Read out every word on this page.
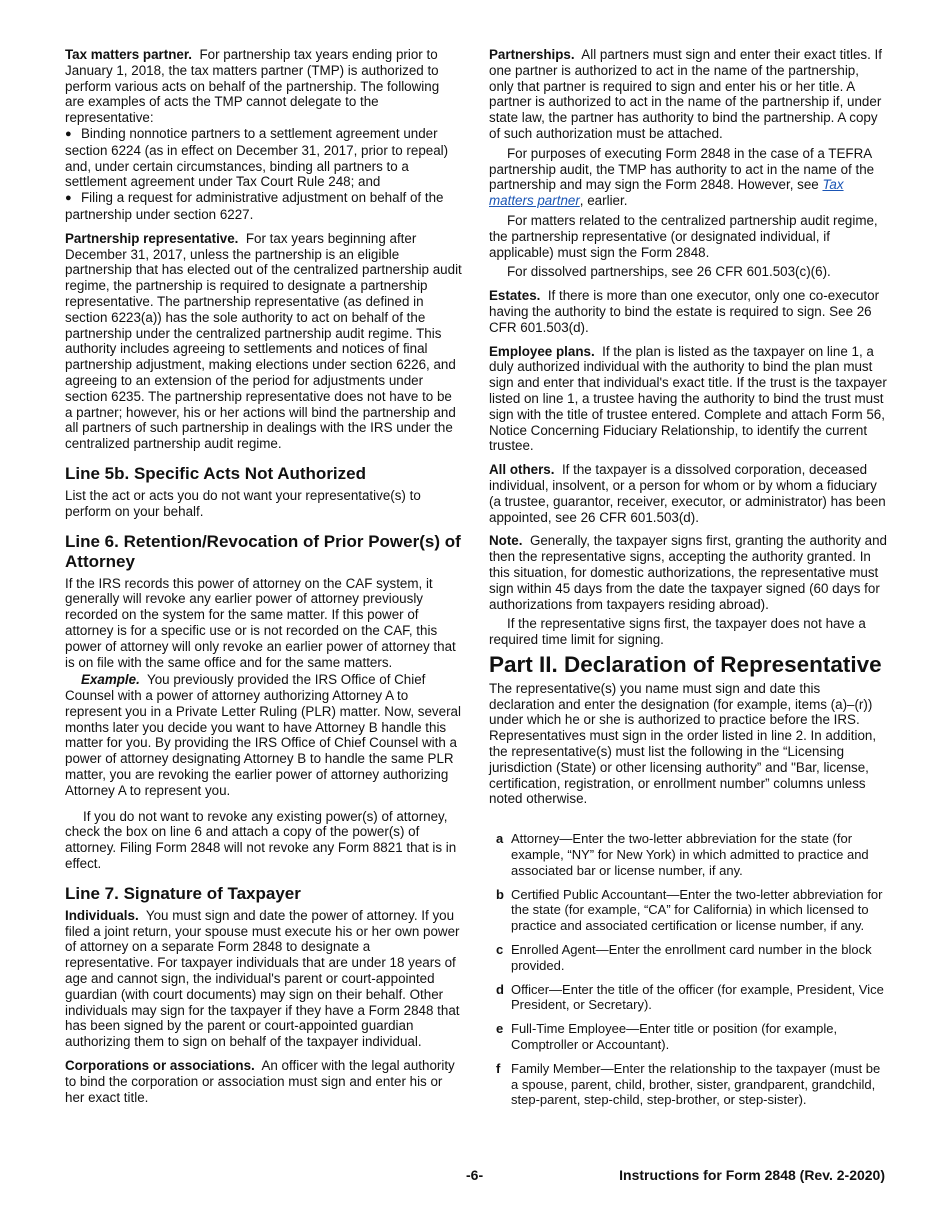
Tax matters partner. For partnership tax years ending prior to January 1, 2018, the tax matters partner (TMP) is authorized to perform various acts on behalf of the partnership. The following are examples of acts the TMP cannot delegate to the representative:

● Binding nonnotice partners to a settlement agreement under section 6224 (as in effect on December 31, 2017, prior to repeal) and, under certain circumstances, binding all partners to a settlement agreement under Tax Court Rule 248; and
● Filing a request for administrative adjustment on behalf of the partnership under section 6227.

Partnership representative. For tax years beginning after December 31, 2017, unless the partnership is an eligible partnership that has elected out of the centralized partnership audit regime, the partnership is required to designate a partnership representative. The partnership representative (as defined in section 6223(a)) has the sole authority to act on behalf of the partnership under the centralized partnership audit regime. This authority includes agreeing to settlements and notices of final partnership adjustment, making elections under section 6226, and agreeing to an extension of the period for adjustments under section 6235. The partnership representative does not have to be a partner; however, his or her actions will bind the partnership and all partners of such partnership in dealings with the IRS under the centralized partnership audit regime.

Line 5b. Specific Acts Not Authorized

List the act or acts you do not want your representative(s) to perform on your behalf.

Line 6. Retention/Revocation of Prior Power(s) of Attorney

If the IRS records this power of attorney on the CAF system, it generally will revoke any earlier power of attorney previously recorded on the system for the same matter. If this power of attorney is for a specific use or is not recorded on the CAF, this power of attorney will only revoke an earlier power of attorney that is on file with the same office and for the same matters.

Example. You previously provided the IRS Office of Chief Counsel with a power of attorney authorizing Attorney A to represent you in a Private Letter Ruling (PLR) matter. Now, several months later you decide you want to have Attorney B handle this matter for you. By providing the IRS Office of Chief Counsel with a power of attorney designating Attorney B to handle the same PLR matter, you are revoking the earlier power of attorney authorizing Attorney A to represent you.

If you do not want to revoke any existing power(s) of attorney, check the box on line 6 and attach a copy of the power(s) of attorney. Filing Form 2848 will not revoke any Form 8821 that is in effect.

Line 7. Signature of Taxpayer

Individuals. You must sign and date the power of attorney. If you filed a joint return, your spouse must execute his or her own power of attorney on a separate Form 2848 to designate a representative. For taxpayer individuals that are under 18 years of age and cannot sign, the individual's parent or court-appointed guardian (with court documents) may sign on their behalf. Other individuals may sign for the taxpayer if they have a Form 2848 that has been signed by the parent or court-appointed guardian authorizing them to sign on behalf of the taxpayer individual.

Corporations or associations. An officer with the legal authority to bind the corporation or association must sign and enter his or her exact title.

Partnerships. All partners must sign and enter their exact titles. If one partner is authorized to act in the name of the partnership, only that partner is required to sign and enter his or her title. A partner is authorized to act in the name of the partnership if, under state law, the partner has authority to bind the partnership. A copy of such authorization must be attached.

For purposes of executing Form 2848 in the case of a TEFRA partnership audit, the TMP has authority to act in the name of the partnership and may sign the Form 2848. However, see Tax matters partner, earlier.

For matters related to the centralized partnership audit regime, the partnership representative (or designated individual, if applicable) must sign the Form 2848.

For dissolved partnerships, see 26 CFR 601.503(c)(6).

Estates. If there is more than one executor, only one co-executor having the authority to bind the estate is required to sign. See 26 CFR 601.503(d).

Employee plans. If the plan is listed as the taxpayer on line 1, a duly authorized individual with the authority to bind the plan must sign and enter that individual's exact title. If the trust is the taxpayer listed on line 1, a trustee having the authority to bind the trust must sign with the title of trustee entered. Complete and attach Form 56, Notice Concerning Fiduciary Relationship, to identify the current trustee.

All others. If the taxpayer is a dissolved corporation, deceased individual, insolvent, or a person for whom or by whom a fiduciary (a trustee, guarantor, receiver, executor, or administrator) has been appointed, see 26 CFR 601.503(d).

Note. Generally, the taxpayer signs first, granting the authority and then the representative signs, accepting the authority granted. In this situation, for domestic authorizations, the representative must sign within 45 days from the date the taxpayer signed (60 days for authorizations from taxpayers residing abroad).

If the representative signs first, the taxpayer does not have a required time limit for signing.

Part II. Declaration of Representative

The representative(s) you name must sign and date this declaration and enter the designation (for example, items (a)–(r)) under which he or she is authorized to practice before the IRS. Representatives must sign in the order listed in line 2. In addition, the representative(s) must list the following in the “Licensing jurisdiction (State) or other licensing authority” and "Bar, license, certification, registration, or enrollment number” columns unless noted otherwise.

a Attorney—Enter the two-letter abbreviation for the state (for example, “NY” for New York) in which admitted to practice and associated bar or license number, if any.
b Certified Public Accountant—Enter the two-letter abbreviation for the state (for example, “CA” for California) in which licensed to practice and associated certification or license number, if any.
c Enrolled Agent—Enter the enrollment card number in the block provided.
d Officer—Enter the title of the officer (for example, President, Vice President, or Secretary).
e Full-Time Employee—Enter title or position (for example, Comptroller or Accountant).
f Family Member—Enter the relationship to the taxpayer (must be a spouse, parent, child, brother, sister, grandparent, grandchild, step-parent, step-child, step-brother, or step-sister).
-6-	Instructions for Form 2848 (Rev. 2-2020)
